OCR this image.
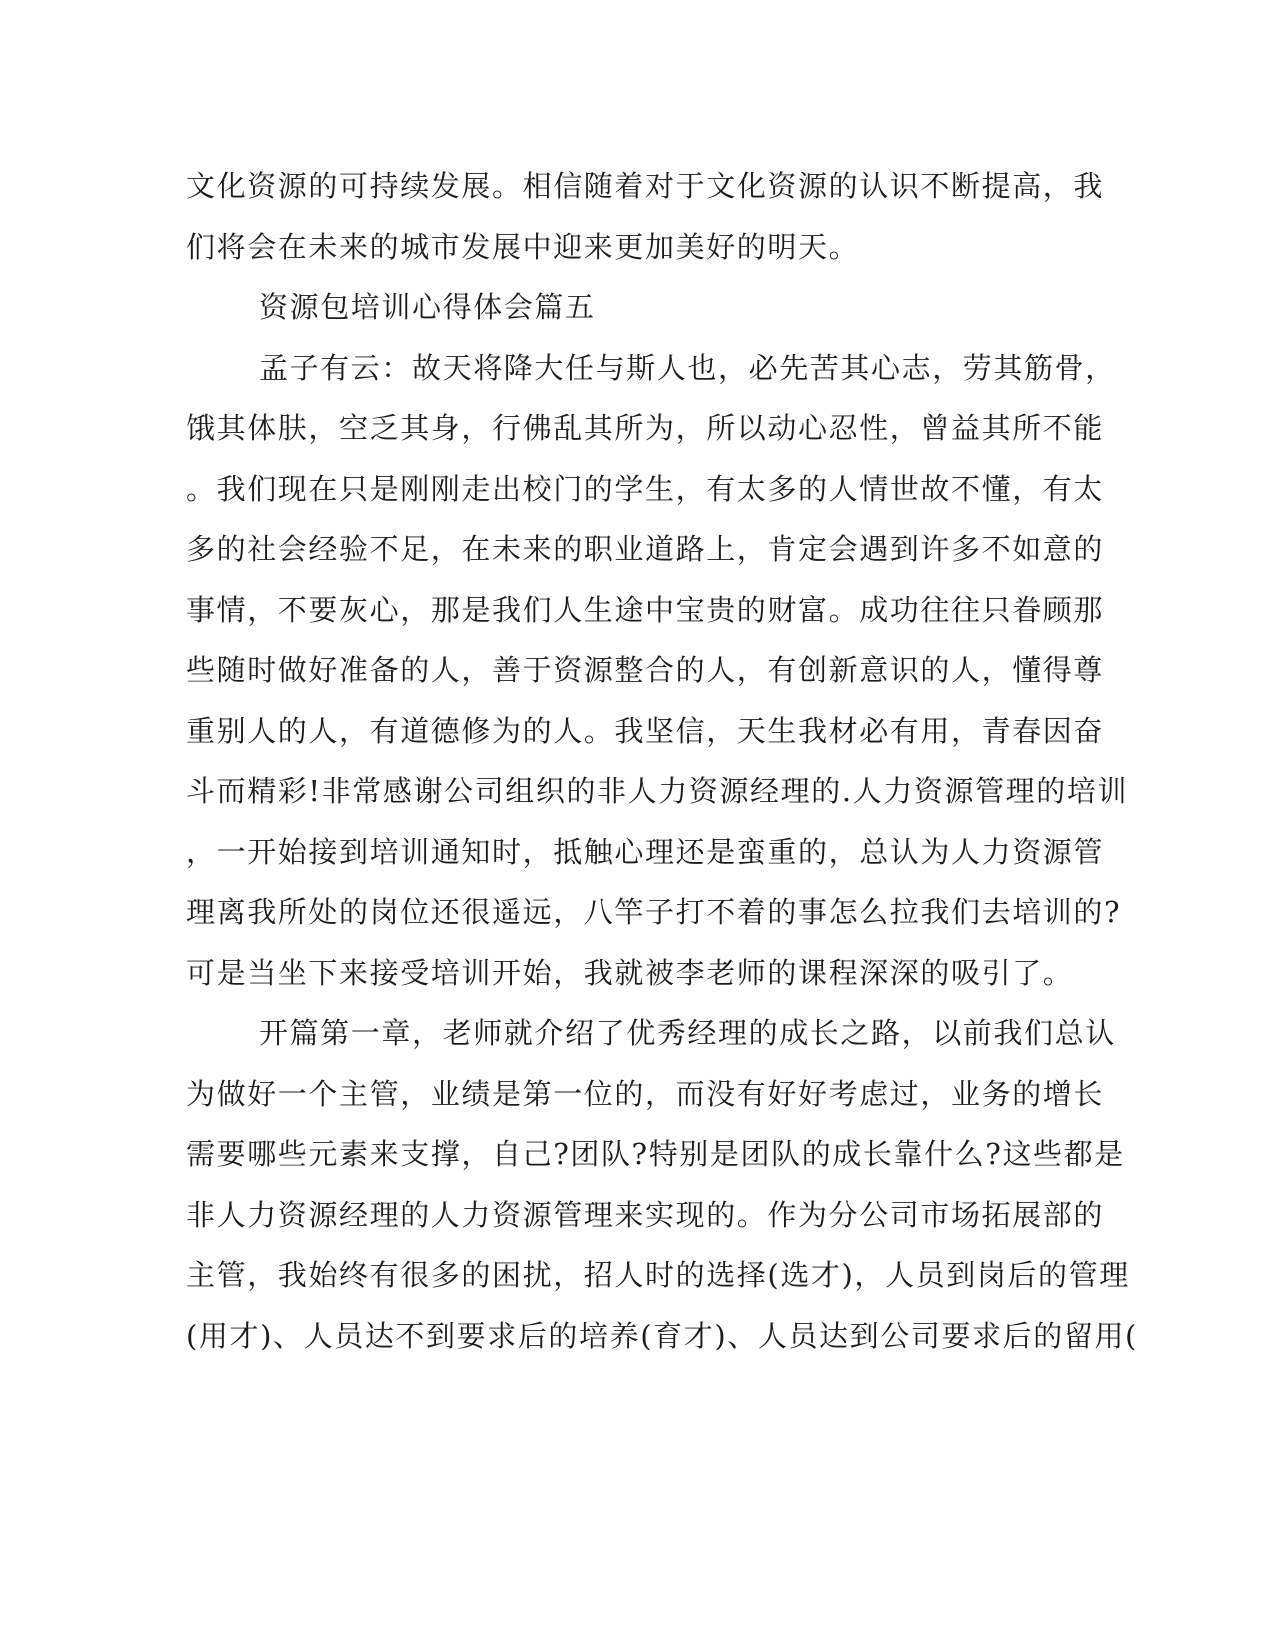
文化资源的可持续发展。相信随着对于文化资源的认识不断提高，我
们将会在未来的城市发展中迎来更加美好的明天。
资源包培训心得体会篇五
孟子有云：故天将降大任与斯人也，必先苦其心志，劳其筋骨，
饿其体肤，空乏其身，行佛乱其所为，所以动心忍性，曾益其所不能
。我们现在只是刚刚走出校门的学生，有太多的人情世故不懂，有太
多的社会经验不足，在未来的职业道路上，肯定会遇到许多不如意的
事情，不要灰心，那是我们人生途中宝贵的财富。成功往往只眷顾那
些随时做好准备的人，善于资源整合的人，有创新意识的人，懂得尊
重别人的人，有道德修为的人。我坚信，天生我材必有用，青春因奋
斗而精彩!非常感谢公司组织的非人力资源经理的.人力资源管理的培训
，一开始接到培训通知时，抵触心理还是蛮重的，总认为人力资源管
理离我所处的岗位还很遥远，八竿子打不着的事怎么拉我们去培训的?
可是当坐下来接受培训开始，我就被李老师的课程深深的吸引了。
开篇第一章，老师就介绍了优秀经理的成长之路，以前我们总认
为做好一个主管，业绩是第一位的，而没有好好考虑过，业务的增长
需要哪些元素来支撑，自己?团队?特别是团队的成长靠什么?这些都是
非人力资源经理的人力资源管理来实现的。作为分公司市场拓展部的
主管，我始终有很多的困扰，招人时的选择(选才)，人员到岗后的管理
(用才)、人员达不到要求后的培养(育才)、人员达到公司要求后的留用(
